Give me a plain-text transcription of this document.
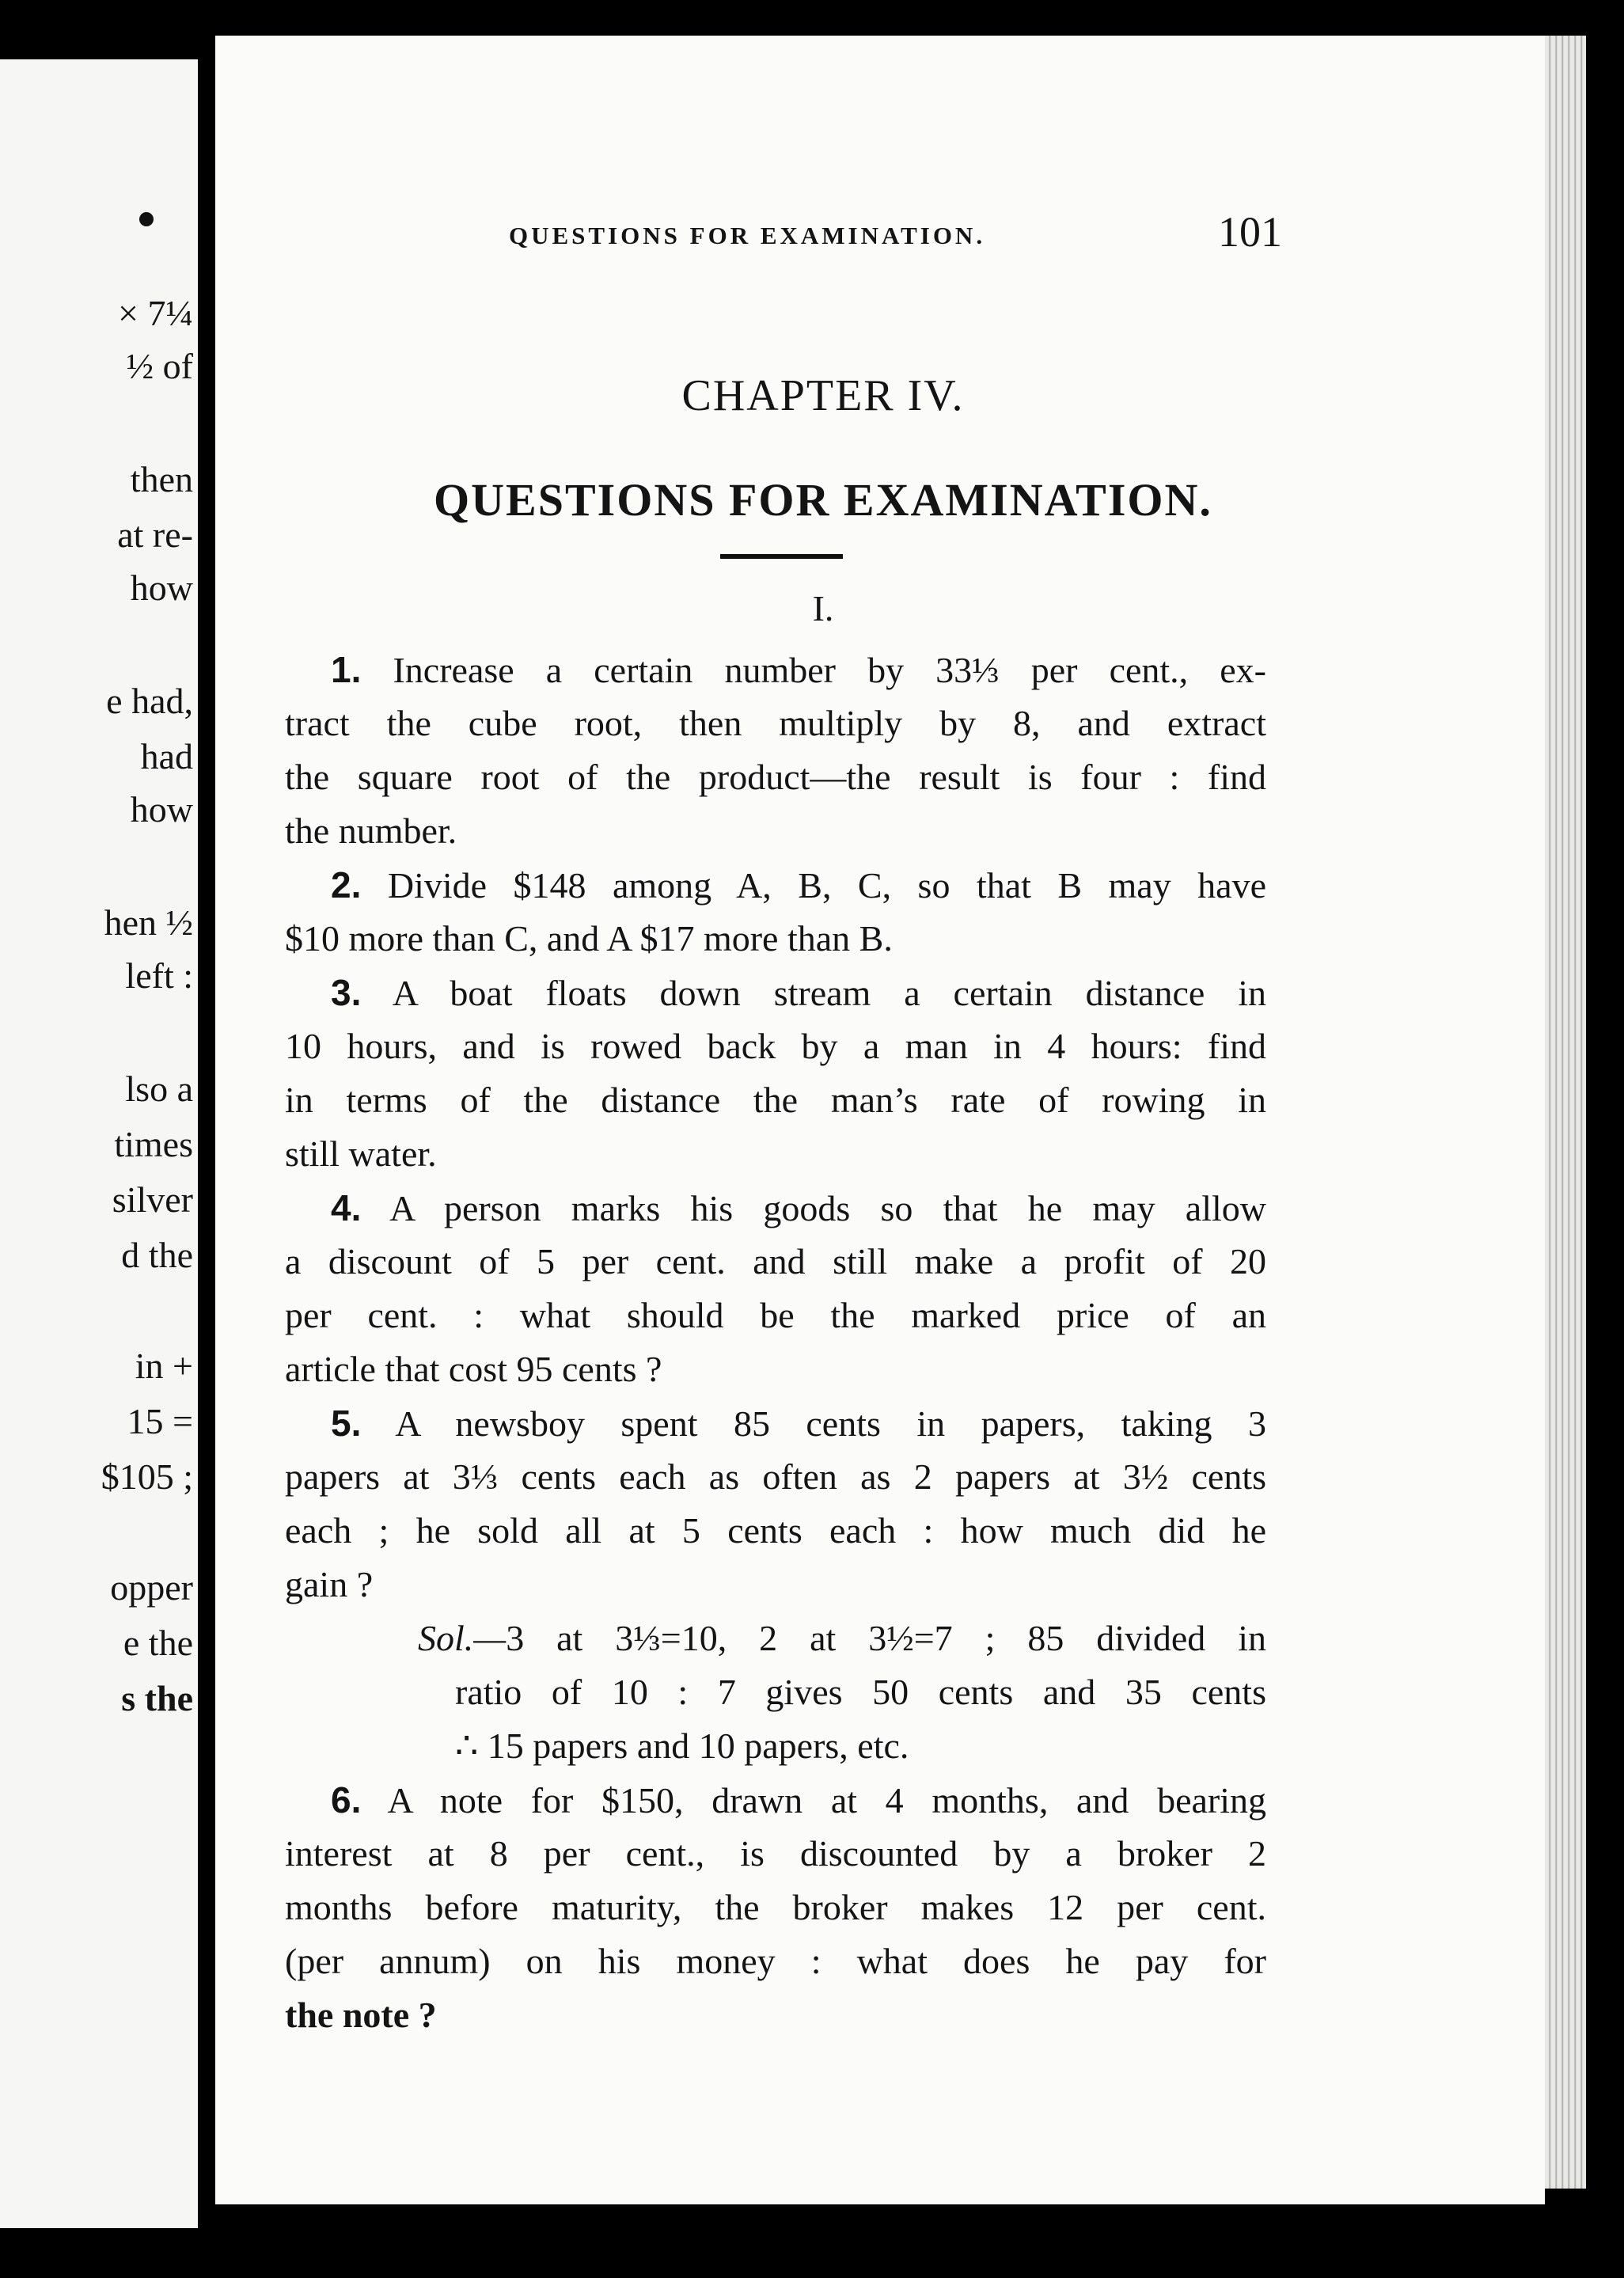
× 7¼
½ of
then
at re-
how
e had,
had
how
hen ½
left :
lso a
times
silver
d the
in +
15 =
$105 ;
opper
e the
s the
QUESTIONS FOR EXAMINATION.	101
CHAPTER IV.
QUESTIONS FOR EXAMINATION.
I.
1. Increase a certain number by 33⅓ per cent., ex-
tract the cube root, then multiply by 8, and extract
the square root of the product—the result is four : find
the number.
2. Divide $148 among A, B, C, so that B may have
$10 more than C, and A $17 more than B.
3. A boat floats down stream a certain distance in
10 hours, and is rowed back by a man in 4 hours: find
in terms of the distance the man’s rate of rowing in
still water.
4. A person marks his goods so that he may allow
a discount of 5 per cent. and still make a profit of 20
per cent. : what should be the marked price of an
article that cost 95 cents ?
5. A newsboy spent 85 cents in papers, taking 3
papers at 3⅓ cents each as often as 2 papers at 3½ cents
each ; he sold all at 5 cents each : how much did he
gain ?
Sol.—3 at 3⅓=10, 2 at 3½=7 ; 85 divided in
ratio of 10 : 7 gives 50 cents and 35 cents
∴ 15 papers and 10 papers, etc.
6. A note for $150, drawn at 4 months, and bearing
interest at 8 per cent., is discounted by a broker 2
months before maturity, the broker makes 12 per cent.
(per annum) on his money : what does he pay for
the note ?
